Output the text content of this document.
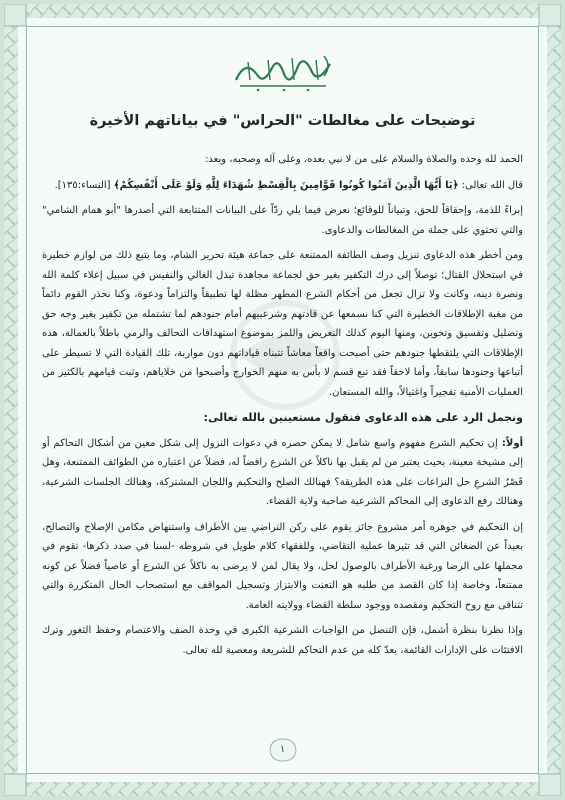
توضيحات على مغالطات "الحراس" في بياناتهم الأخيرة

الحمد لله وحده والصلاة والسلام على من لا نبي بعده، وعلى آله وصحبه، وبعد:

قال الله تعالى: ﴿يَا أَيُّهَا الَّذِينَ آمَنُوا كُونُوا قَوَّامِينَ بِالْقِسْطِ شُهَدَاءَ لِلَّهِ وَلَوْ عَلَى أَنْفُسِكُمْ﴾ [النساء:١٣٥].

إبراءً للذمة، وإحقاقاً للحق، وتبياناً للوقائع؛ نعرض فيما يلي ردّاً على البيانات المتتابعة التي أصدرها "أبو همام الشامي" والتي تحتوي على جملة من المغالطات والدعاوى.

ومن أخطر هذه الدعاوى تنزيل وصف الطائفة الممتنعة على جماعة هيئة تحرير الشام، وما يتبع ذلك من لوازم خطيرة في استحلال القتال؛ توصلاً إلى درك التكفير بغير حق لجماعة مجاهدة تبذل الغالي والنفيس في سبيل إعلاء كلمة الله ونصرة دينه، وكانت ولا تزال تجعل من أحكام الشرع المطهر مظلة لها تطبيقاً والتزاماً ودعوة، وكنا نحذر القوم دائماً من مغبة الإطلاقات الخطيرة التي كنا نسمعها عن قادتهم وشرعييهم أمام جنودهم لما تشتمله من تكفير بغير وجه حق وتضليل وتفسيق وتخوين، ومنها اليوم كذلك التعريض واللمز بموضوع استهدافات التحالف والرمي باطلاً بالعمالة، هذه الإطلاقات التي يلتقطها جنودهم حتى أصبحت واقعاً معاشاً تتبناه قياداتهم دون مواربة، تلك القيادة التي لا تسيطر على أتباعها وجنودها سابقاً، وأما لاحقاً فقد تبع قسم لا بأس به منهم الخوارج وأصبحوا من خلاياهم، وثبت قيامهم بالكثير من العمليات الأمنية تفجيراً واغتيالاً، والله المستعان.

ونجمل الرد على هذه الدعاوى فنقول مستعينين بالله تعالى:

أولاً: إن تحكيم الشرع مفهوم واسع شامل لا يمكن حصره في دعوات النزول إلى شكل معين من أشكال التحاكم أو إلى مشيخة معينة، بحيث يعتبر من لم يقبل بها ناكلاً عن الشرع رافضاً له، فضلاً عن اعتباره من الطوائف الممتنعة، وهل قَصْرُ الشرعِ حل النزاعات على هذه الطريقة؟ فهنالك الصلح والتحكيم واللجان المشتركة، وهنالك الجلسات الشرعية، وهنالك رفع الدعاوى إلى المحاكم الشرعية صاحبة ولاية القضاء.

إن التحكيم في جوهره أمر مشروع جائز يقوم على ركن التراضي بين الأطراف واستنهاض مكامن الإصلاح والتصالح، بعيداً عن الضغائن التي قد تثيرها عملية التقاضي، وللفقهاء كلام طويل في شروطه -لسنا في صدد ذكرها- تقوم في مجملها على الرضا ورغبة الأطراف بالوصول لحل، ولا يقال لمن لا يرضى به ناكلاً عن الشرع أو عاصياً فضلاً عن كونه ممتنعاً، وخاصة إذا كان القصد من طلبه هو التعنت والابتزاز وتسجيل المواقف مع استصحاب الحال المتكررة والتي تتنافى مع روح التحكيم ومقصده ووجود سلطة القضاء وولايته العامة.

وإذا نظرنا بنظرة أشمل، فإن التنصل من الواجبات الشرعية الكبرى في وحدة الصف والاعتصام وحفظ الثغور وترك الافتئات على الإدارات القائمة، يعدّ كله من عدم التحاكم للشريعة ومعصية لله تعالى.

١
